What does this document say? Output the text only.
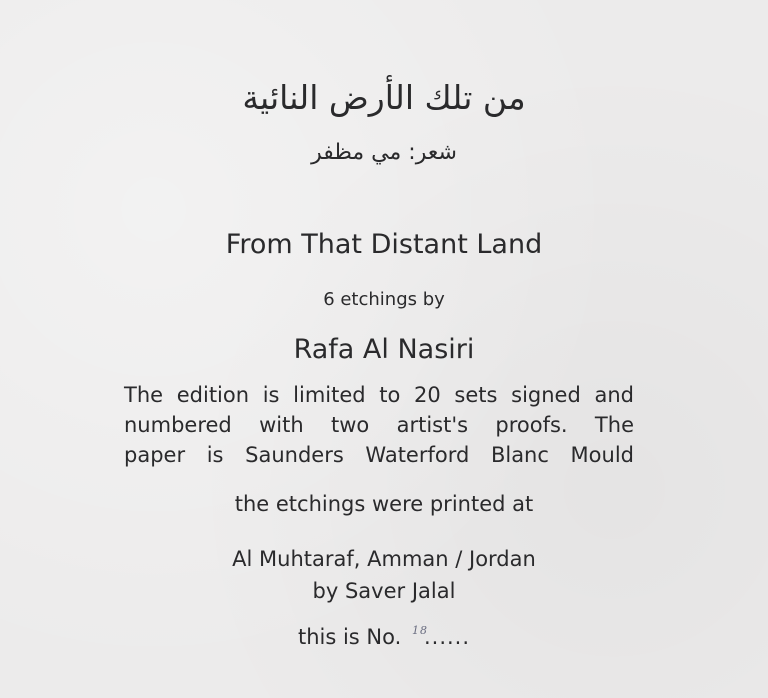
من تلك الأرض النائية
شعر: مي مظفر
From That Distant Land
6 etchings by
Rafa Al Nasiri
The edition is limited to 20 sets signed and
numbered with two artist's proofs. The
paper is Saunders Waterford Blanc Mould
the etchings were printed at
Al Muhtaraf, Amman / Jordan
by Saver Jalal
this is No. $^{18}$......
